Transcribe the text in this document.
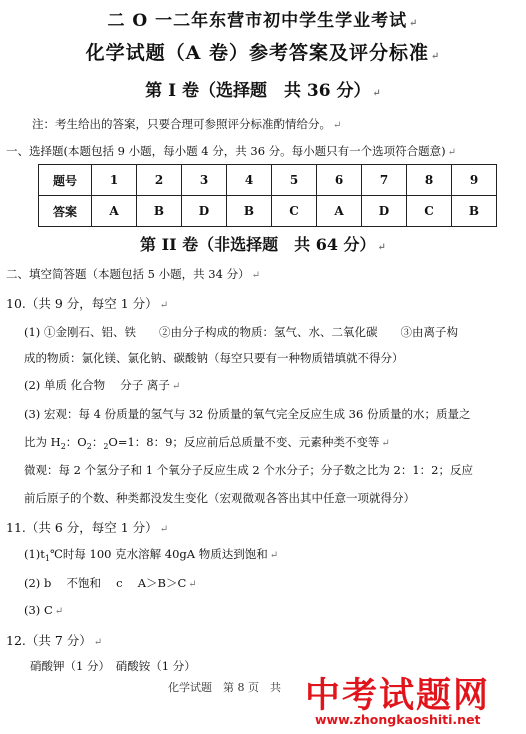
二 O 一二年东营市初中学生学业考试 ↵
化学试题（A 卷）参考答案及评分标准 ↵
第 I 卷（选择题　共 36 分） ↵
注：考生给出的答案，只要合理可参照评分标准酌情给分。 ↵
一、选择题(本题包括 9 小题，每小题 4 分，共 36 分。每小题只有一个选项符合题意) ↵
题号	1	2	3	4	5	6	7	8	9
答案	A	B	D	B	C	A	D	C	B
第 II 卷（非选择题　共 64 分） ↵
二、填空简答题（本题包括 5 小题，共 34 分） ↵
10.（共 9 分，每空 1 分） ↵
(1) ①金刚石、铝、铁　　②由分子构成的物质：氢气、水、二氧化碳　　③由离子构
成的物质：氯化镁、氯化钠、碳酸钠（每空只要有一种物质错填就不得分）
(2) 单质 化合物　 分子 离子 ↵
(3) 宏观：每 4 份质量的氢气与 32 份质量的氧气完全反应生成 36 份质量的水；质量之
比为 $H_2$：$O_2$：$_2$O=1：8：9；反应前后总质量不变、元素种类不变等 ↵
微观：每 2 个氢分子和 1 个氧分子反应生成 2 个水分子；分子数之比为 2：1：2；反应
前后原子的个数、种类都没发生变化（宏观微观各答出其中任意一项就得分）
11.（共 6 分，每空 1 分） ↵
$(1)t_1℃$时每 100 克水溶解 40gA 物质达到饱和 ↵
(2) b　 不饱和　 c　 A＞B＞C ↵
(3) C ↵
12.（共 7 分） ↵
硝酸钾（1 分）　硝酸铵（1 分）
化学试题　第 8 页　共 中考试题网
www.zhongkaoshiti.net
